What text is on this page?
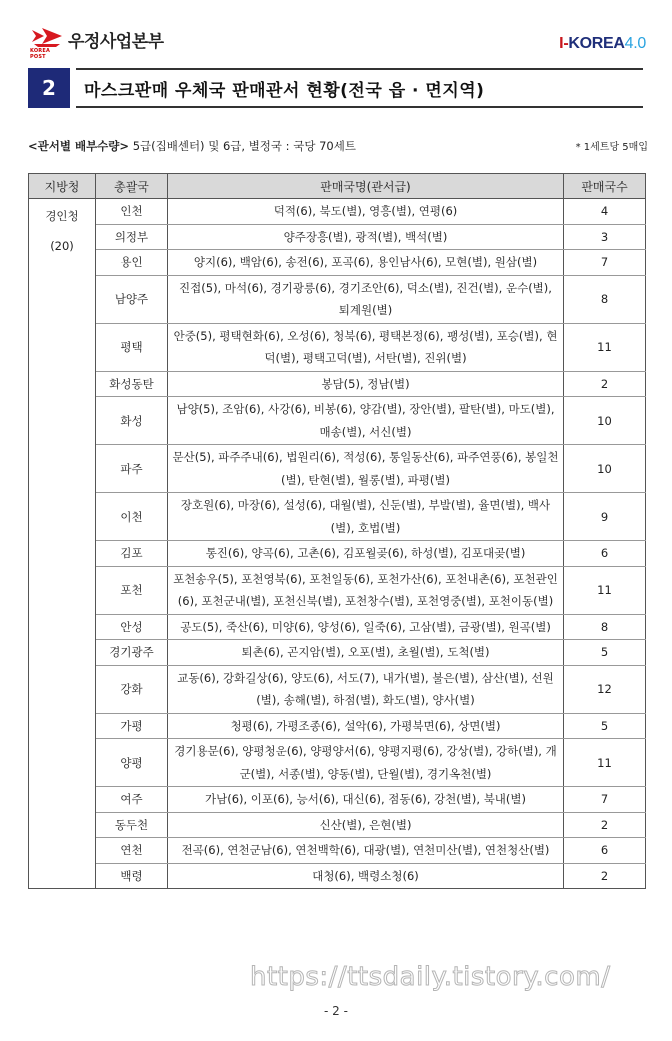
KOREA POST
우정사업본부	I-KOREA4.0
2	마스크판매 우체국 판매관서 현황(전국 읍 · 면지역)
<관서별 배부수량> 5급(집배센터) 및 6급, 별정국 : 국당 70세트	* 1세트당 5매입
지방청	총괄국	판매국명(관서급)	판매국수

경인청
(20)	인천	덕적(6), 북도(별), 영흥(별), 연평(6)	4
	의정부	양주장흥(별), 광적(별), 백석(별)	3
	용인	양지(6), 백암(6), 송전(6), 포곡(6), 용인남사(6), 모현(별), 원삼(별)	7
	남양주	진접(5), 마석(6), 경기광릉(6), 경기조안(6), 덕소(별), 진건(별), 운수(별), 퇴계원(별)	8
	평택	안중(5), 평택현화(6), 오성(6), 청북(6), 평택본정(6), 팽성(별), 포승(별), 현덕(별), 평택고덕(별), 서탄(별), 진위(별)	11
	화성동탄	봉담(5), 정남(별)	2
	화성	남양(5), 조암(6), 사강(6), 비봉(6), 양감(별), 장안(별), 팔탄(별), 마도(별), 매송(별), 서신(별)	10
	파주	문산(5), 파주주내(6), 법원리(6), 적성(6), 통일동산(6), 파주연풍(6), 봉일천(별), 탄현(별), 월롱(별), 파평(별)	10
	이천	장호원(6), 마장(6), 설성(6), 대월(별), 신둔(별), 부발(별), 율면(별), 백사(별), 호법(별)	9
	김포	통진(6), 양곡(6), 고촌(6), 김포월곶(6), 하성(별), 김포대곶(별)	6
	포천	포천송우(5), 포천영북(6), 포천일동(6), 포천가산(6), 포천내촌(6), 포천관인(6), 포천군내(별), 포천신북(별), 포천창수(별), 포천영중(별), 포천이동(별)	11
	안성	공도(5), 죽산(6), 미양(6), 양성(6), 일죽(6), 고삼(별), 금광(별), 원곡(별)	8
	경기광주	퇴촌(6), 곤지암(별), 오포(별), 초월(별), 도척(별)	5
	강화	교동(6), 강화길상(6), 양도(6), 서도(7), 내가(별), 불은(별), 삼산(별), 선원(별), 송해(별), 하점(별), 화도(별), 양사(별)	12
	가평	청평(6), 가평조종(6), 설악(6), 가평북면(6), 상면(별)	5
	양평	경기용문(6), 양평청운(6), 양평양서(6), 양평지평(6), 강상(별), 강하(별), 개군(별), 서종(별), 양동(별), 단월(별), 경기옥천(별)	11
	여주	가남(6), 이포(6), 능서(6), 대신(6), 점동(6), 강천(별), 북내(별)	7
	동두천	신산(별), 은현(별)	2
	연천	전곡(6), 연천군남(6), 연천백학(6), 대광(별), 연천미산(별), 연천청산(별)	6
	백령	대청(6), 백령소청(6)	2
https://ttsdaily.tistory.com/
- 2 -
